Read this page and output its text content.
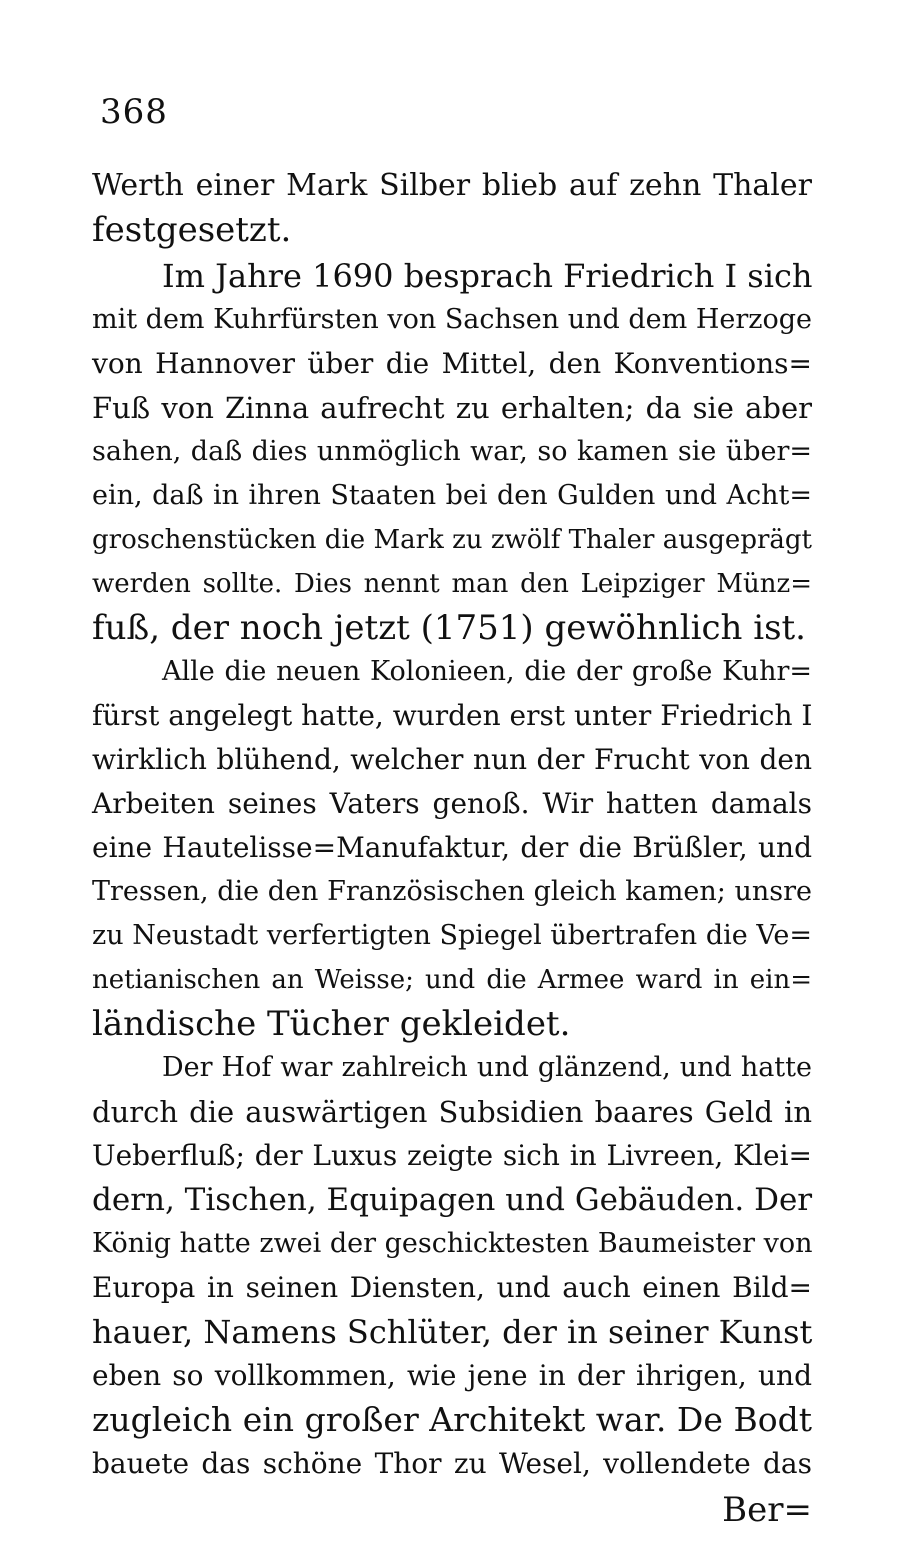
368
Werth einer Mark Silber blieb auf zehn Thaler
festgesetzt.
Im Jahre 1690 besprach Friedrich I sich
mit dem Kuhrfürsten von Sachsen und dem Herzoge
von Hannover über die Mittel, den Konventions=
Fuß von Zinna aufrecht zu erhalten; da sie aber
sahen, daß dies unmöglich war, so kamen sie über=
ein, daß in ihren Staaten bei den Gulden und Acht=
groschenstücken die Mark zu zwölf Thaler ausgeprägt
werden sollte. Dies nennt man den Leipziger Münz=
fuß, der noch jetzt (1751) gewöhnlich ist.
Alle die neuen Kolonieen, die der große Kuhr=
fürst angelegt hatte, wurden erst unter Friedrich I
wirklich blühend, welcher nun der Frucht von den
Arbeiten seines Vaters genoß. Wir hatten damals
eine Hautelisse=Manufaktur, der die Brüßler, und
Tressen, die den Französischen gleich kamen; unsre
zu Neustadt verfertigten Spiegel übertrafen die Ve=
netianischen an Weisse; und die Armee ward in ein=
ländische Tücher gekleidet.
Der Hof war zahlreich und glänzend, und hatte
durch die auswärtigen Subsidien baares Geld in
Ueberfluß; der Luxus zeigte sich in Livreen, Klei=
dern, Tischen, Equipagen und Gebäuden. Der
König hatte zwei der geschicktesten Baumeister von
Europa in seinen Diensten, und auch einen Bild=
hauer, Namens Schlüter, der in seiner Kunst
eben so vollkommen, wie jene in der ihrigen, und
zugleich ein großer Architekt war. De Bodt
bauete das schöne Thor zu Wesel, vollendete das
Ber=
